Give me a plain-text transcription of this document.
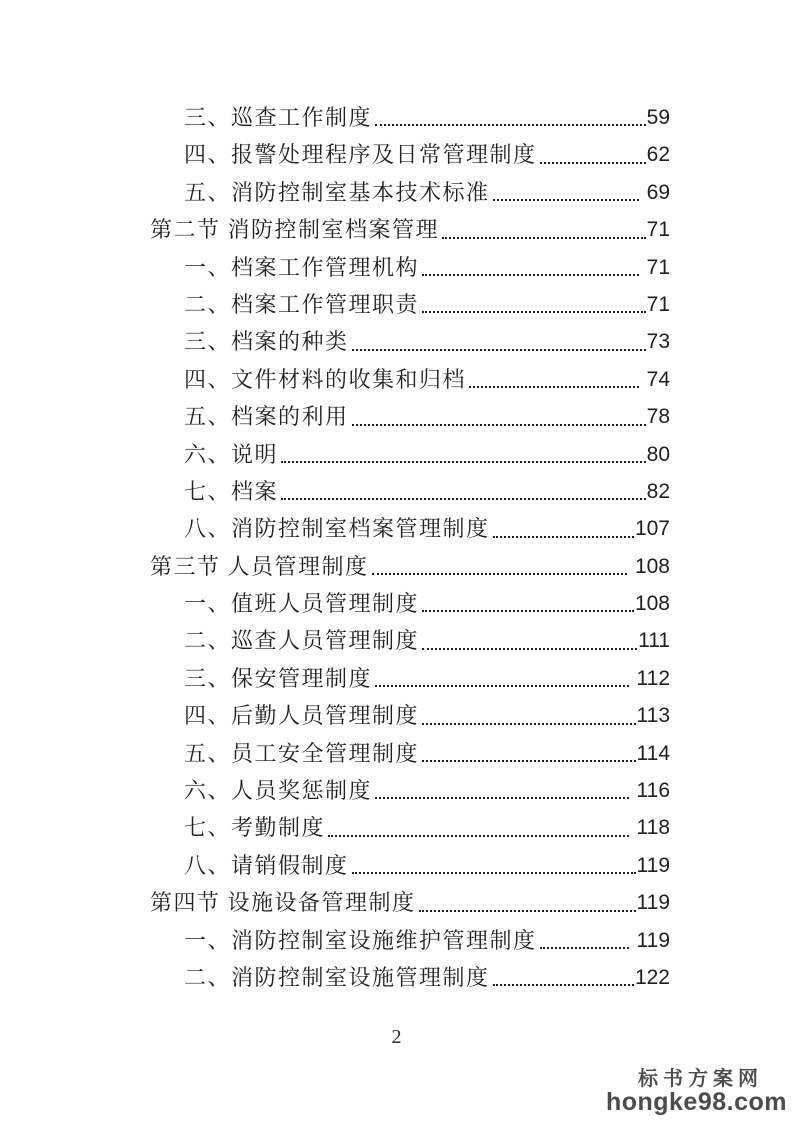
三、巡查工作制度	59
四、报警处理程序及日常管理制度	62
五、消防控制室基本技术标准	69
第二节 消防控制室档案管理	71
一、档案工作管理机构	71
二、档案工作管理职责	71
三、档案的种类	73
四、文件材料的收集和归档	74
五、档案的利用	78
六、说明	80
七、档案	82
八、消防控制室档案管理制度	107
第三节 人员管理制度	108
一、值班人员管理制度	108
二、巡查人员管理制度	111
三、保安管理制度	112
四、后勤人员管理制度	113
五、员工安全管理制度	114
六、人员奖惩制度	116
七、考勤制度	118
八、请销假制度	119
第四节 设施设备管理制度	119
一、消防控制室设施维护管理制度	119
二、消防控制室设施管理制度	122
2
标书方案网
hongke98.com
